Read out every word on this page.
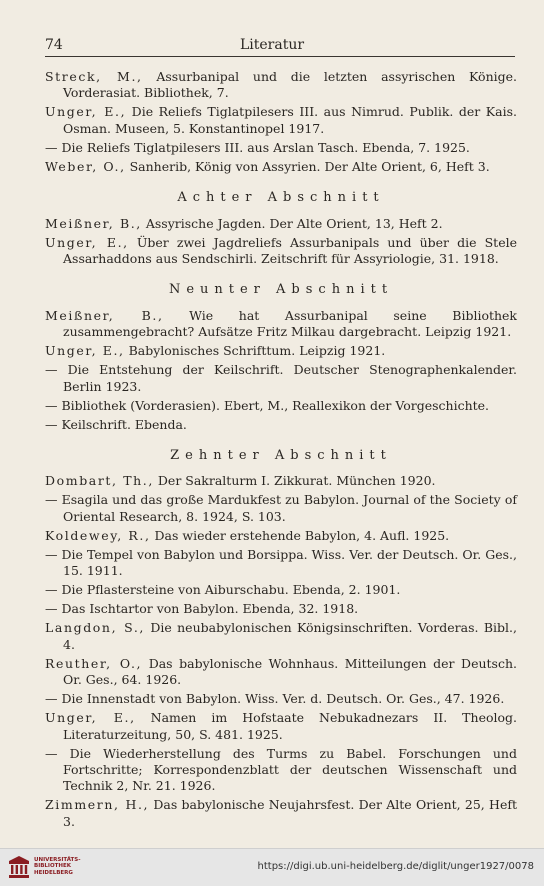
74	Literatur
Streck, M., Assurbanipal und die letzten assyrischen Könige. Vorderasiat. Bibliothek, 7.
Unger, E., Die Reliefs Tiglatpilesers III. aus Nimrud. Publik. der Kais. Osman. Museen, 5. Konstantinopel 1917.
— Die Reliefs Tiglatpilesers III. aus Arslan Tasch. Ebenda, 7. 1925.
Weber, O., Sanherib, König von Assyrien. Der Alte Orient, 6, Heft 3.
Achter Abschnitt
Meißner, B., Assyrische Jagden. Der Alte Orient, 13, Heft 2.
Unger, E., Über zwei Jagdreliefs Assurbanipals und über die Stele Assarhaddons aus Sendschirli. Zeitschrift für Assyriologie, 31. 1918.
Neunter Abschnitt
Meißner, B., Wie hat Assurbanipal seine Bibliothek zusammengebracht? Aufsätze Fritz Milkau dargebracht. Leipzig 1921.
Unger, E., Babylonisches Schrifttum. Leipzig 1921.
— Die Entstehung der Keilschrift. Deutscher Stenographenkalender. Berlin 1923.
— Bibliothek (Vorderasien). Ebert, M., Reallexikon der Vorgeschichte.
— Keilschrift. Ebenda.
Zehnter Abschnitt
Dombart, Th., Der Sakralturm I. Zikkurat. München 1920.
— Esagila und das große Mardukfest zu Babylon. Journal of the Society of Oriental Research, 8. 1924, S. 103.
Koldewey, R., Das wieder erstehende Babylon, 4. Aufl. 1925.
— Die Tempel von Babylon und Borsippa. Wiss. Ver. der Deutsch. Or. Ges., 15. 1911.
— Die Pflastersteine von Aiburschabu. Ebenda, 2. 1901.
— Das Ischtartor von Babylon. Ebenda, 32. 1918.
Langdon, S., Die neubabylonischen Königsinschriften. Vorderas. Bibl., 4.
Reuther, O., Das babylonische Wohnhaus. Mitteilungen der Deutsch. Or. Ges., 64. 1926.
— Die Innenstadt von Babylon. Wiss. Ver. d. Deutsch. Or. Ges., 47. 1926.
Unger, E., Namen im Hofstaate Nebukadnezars II. Theolog. Literaturzeitung, 50, S. 481. 1925.
— Die Wiederherstellung des Turms zu Babel. Forschungen und Fortschritte; Korrespondenzblatt der deutschen Wissenschaft und Technik 2, Nr. 21. 1926.
Zimmern, H., Das babylonische Neujahrsfest. Der Alte Orient, 25, Heft 3.
UNIVERSITÄTS-
BIBLIOTHEK
HEIDELBERG
https://digi.ub.uni-heidelberg.de/diglit/unger1927/0078
